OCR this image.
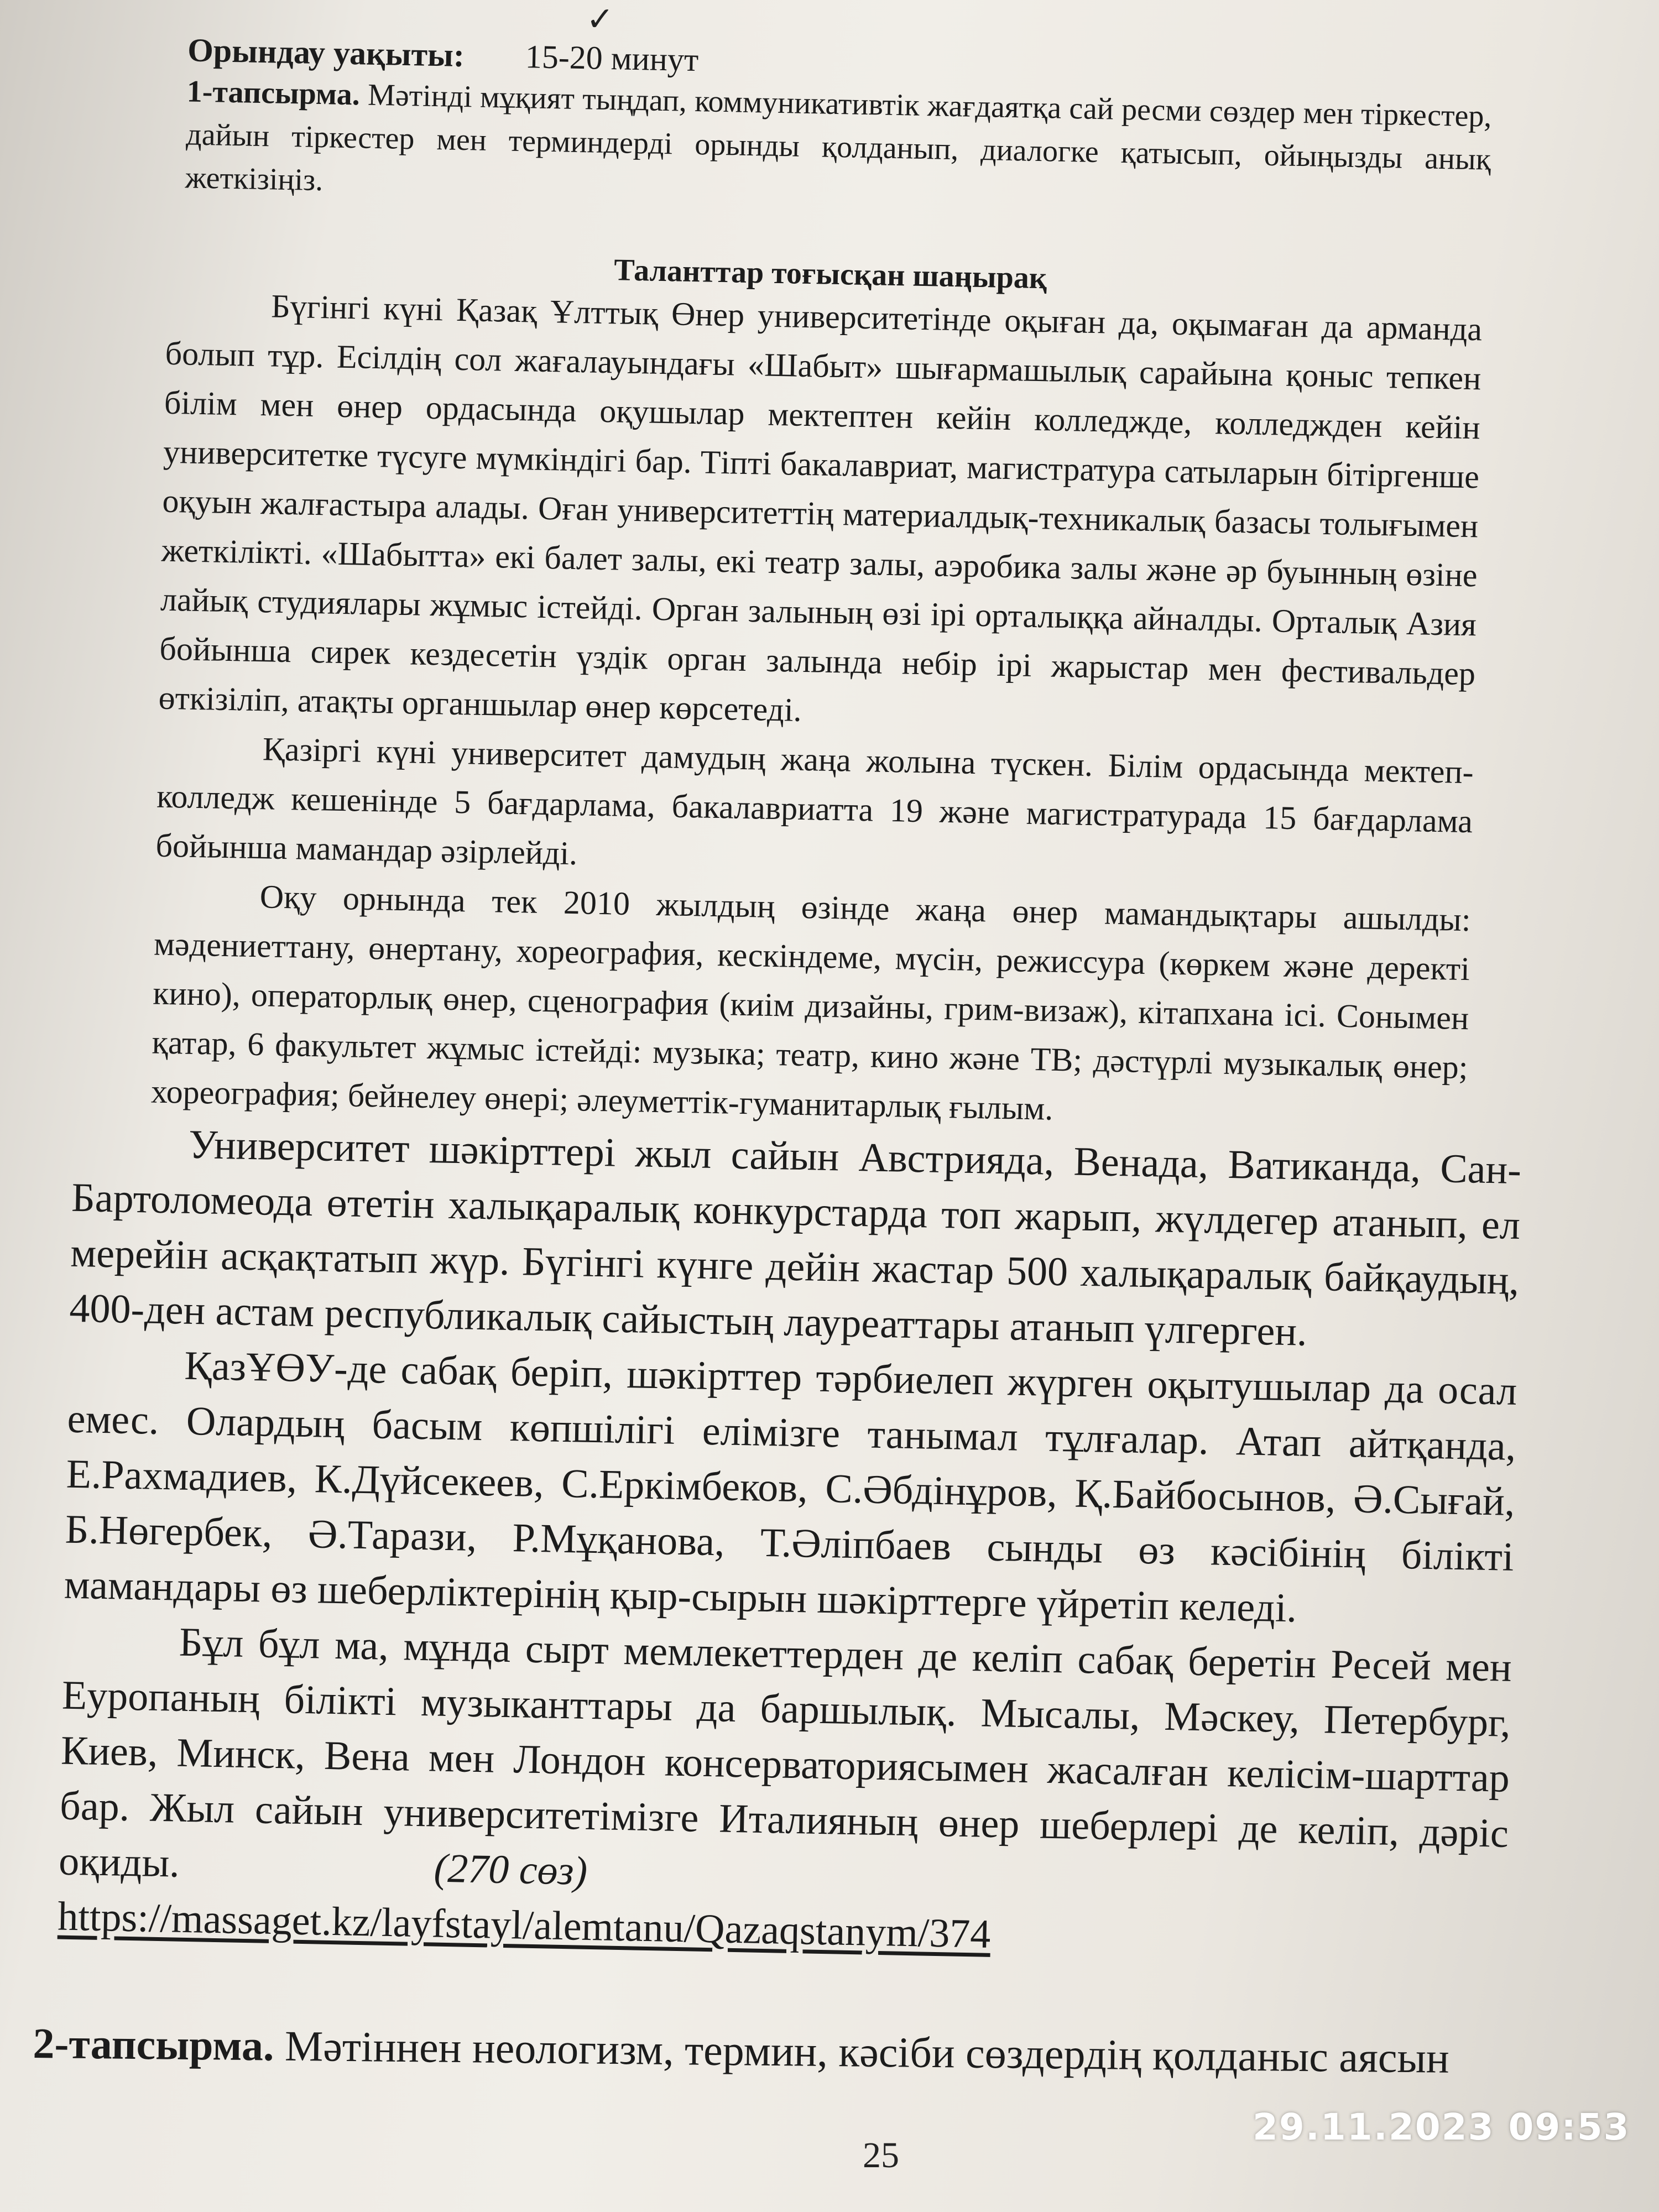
✓
Орындау уақыты: 15-20 минут
1-тапсырма. Мәтінді мұқият тыңдап, коммуникативтік жағдаятқа сай ресми сөздер мен тіркестер, дайын тіркестер мен терминдерді орынды қолданып, диалогке қатысып, ойыңызды анық жеткізіңіз.
Таланттар тоғысқан шаңырақ

Бүгінгі күні Қазақ Ұлттық Өнер университетінде оқыған да, оқымаған да арманда болып тұр. Есілдің сол жағалауындағы «Шабыт» шығармашылық сарайына қоныс тепкен білім мен өнер ордасында оқушылар мектептен кейін колледжде, колледжден кейін университетке түсуге мүмкіндігі бар. Тіпті бакалавриат, магистратура сатыларын бітіргенше оқуын жалғастыра алады. Оған университеттің материалдық-техникалық базасы толығымен жеткілікті. «Шабытта» екі балет залы, екі театр залы, аэробика залы және әр буынның өзіне лайық студиялары жұмыс істейді. Орган залының өзі ірі орталыққа айналды. Орталық Азия бойынша сирек кездесетін үздік орган залында небір ірі жарыстар мен фестивальдер өткізіліп, атақты органшылар өнер көрсетеді.

Қазіргі күні университет дамудың жаңа жолына түскен. Білім ордасында мектеп-колледж кешенінде 5 бағдарлама, бакалавриатта 19 және магистратурада 15 бағдарлама бойынша мамандар әзірлейді.

Оқу орнында тек 2010 жылдың өзінде жаңа өнер мамандықтары ашылды: мәдениеттану, өнертану, хореография, кескіндеме, мүсін, режиссура (көркем және деректі кино), операторлық өнер, сценография (киім дизайны, грим-визаж), кітапхана ісі. Сонымен қатар, 6 факультет жұмыс істейді: музыка; театр, кино және ТВ; дәстүрлі музыкалық өнер; хореография; бейнелеу өнері; әлеуметтік-гуманитарлық ғылым.

Университет шәкірттері жыл сайын Австрияда, Венада, Ватиканда, Сан-Бартоломеода өтетін халықаралық конкурстарда топ жарып, жүлдегер атанып, ел мерейін асқақтатып жүр. Бүгінгі күнге дейін жастар 500 халықаралық байқаудың, 400-ден астам республикалық сайыстың лауреаттары атанып үлгерген.

ҚазҰӨУ-де сабақ беріп, шәкірттер тәрбиелеп жүрген оқытушылар да осал емес. Олардың басым көпшілігі елімізге танымал тұлғалар. Атап айтқанда, Е.Рахмадиев, К.Дүйсекеев, С.Еркімбеков, С.Әбдінұров, Қ.Байбосынов, Ә.Сығай, Б.Нөгербек, Ә.Тарази, Р.Мұқанова, Т.Әліпбаев сынды өз кәсібінің білікті мамандары өз шеберліктерінің қыр-сырын шәкірттерге үйретіп келеді.

Бұл бұл ма, мұнда сырт мемлекеттерден де келіп сабақ беретін Ресей мен Еуропаның білікті музыканттары да баршылық. Мысалы, Мәскеу, Петербург, Киев, Минск, Вена мен Лондон консерваториясымен жасалған келісім-шарттар бар. Жыл сайын университетімізге Италияның өнер шеберлері де келіп, дәріс оқиды.	(270 сөз)

https://massaget.kz/layfstayl/alemtanu/Qazaqstanym/374
2-тапсырма. Мәтіннен неологизм, термин, кәсіби сөздердің қолданыс аясын
25
29.11.2023 09:53
